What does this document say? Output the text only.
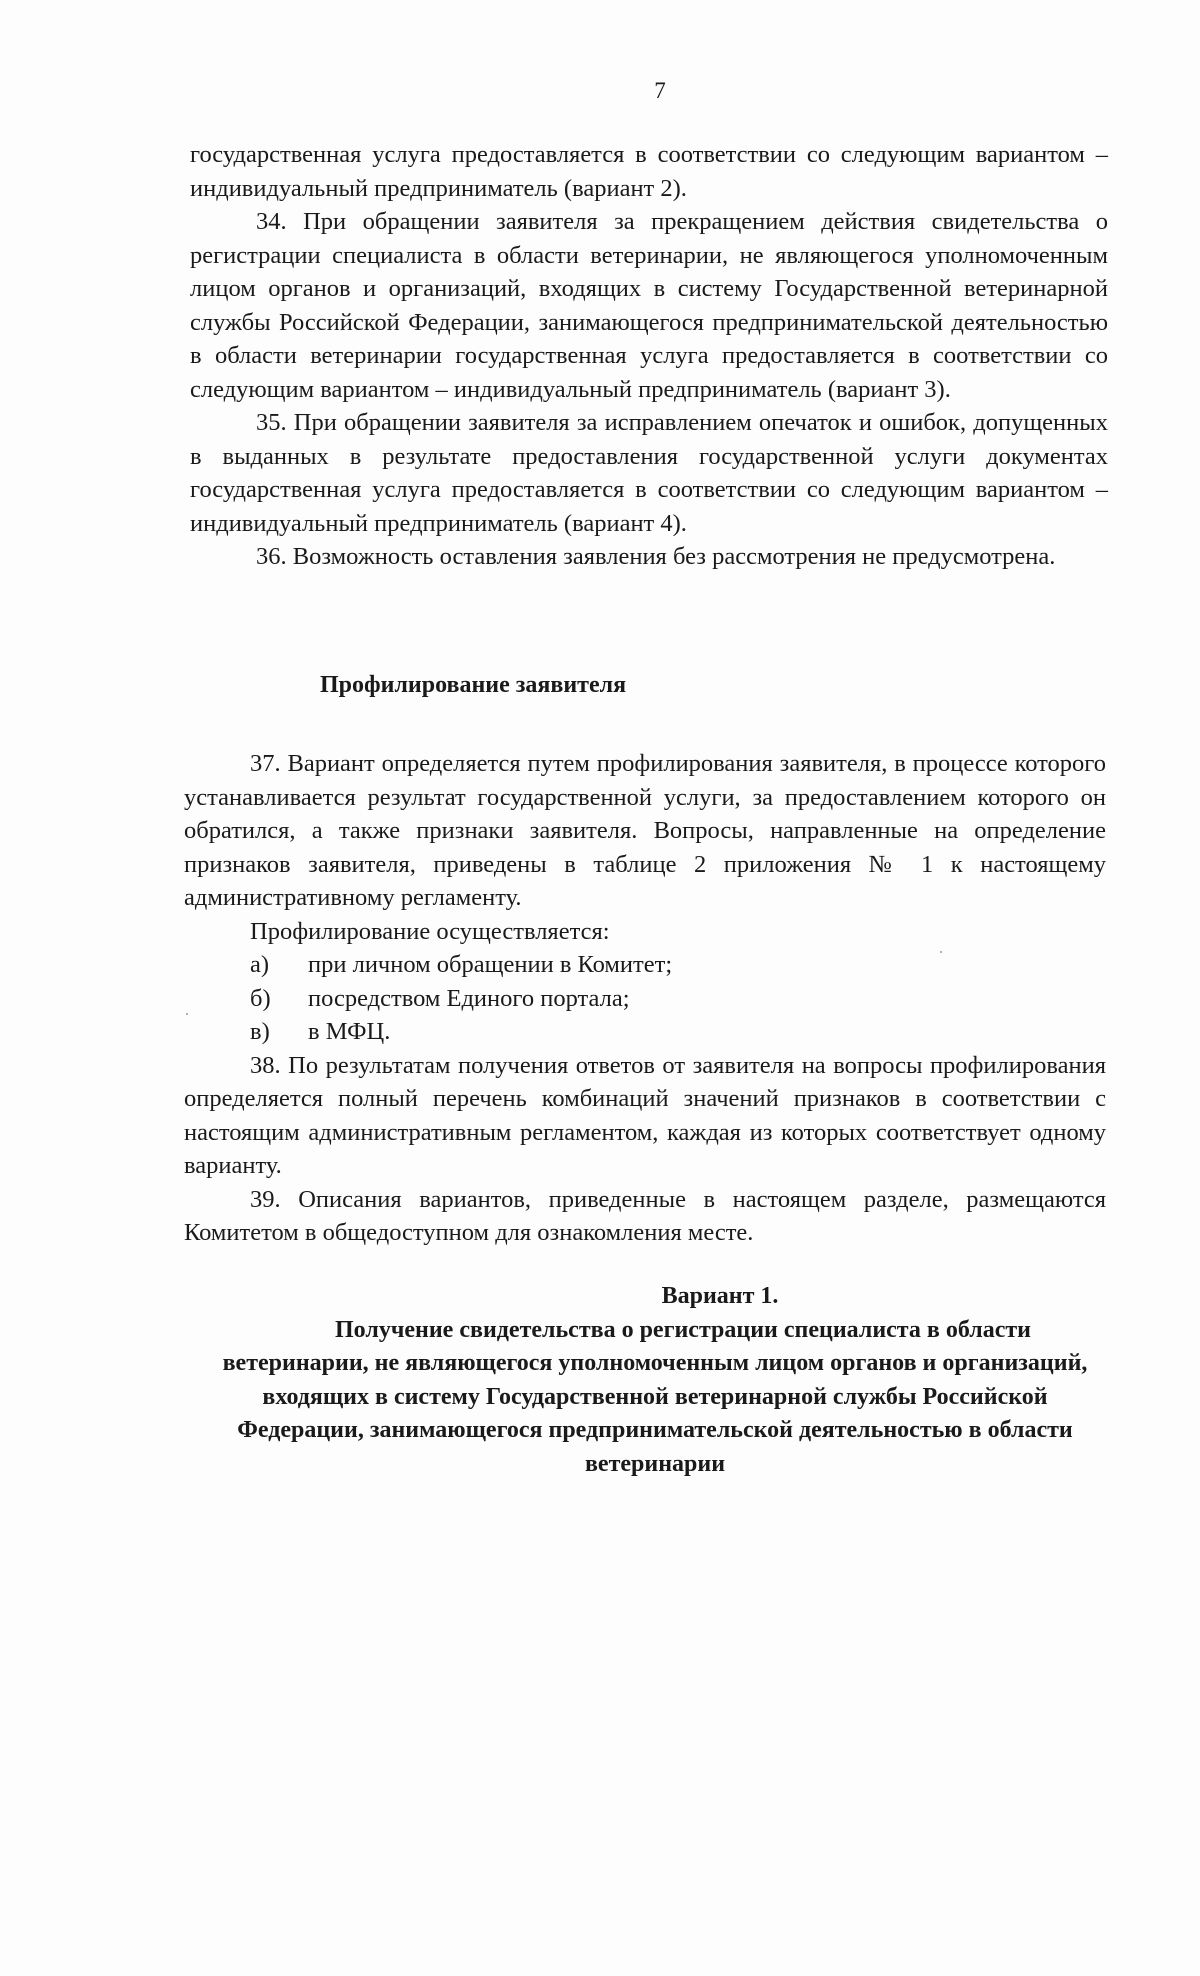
7

государственная услуга предоставляется в соответствии со следующим вариантом – индивидуальный предприниматель (вариант 2).

34. При обращении заявителя за прекращением действия свидетельства о регистрации специалиста в области ветеринарии, не являющегося уполномоченным лицом органов и организаций, входящих в систему Государственной ветеринарной службы Российской Федерации, занимающегося предпринимательской деятельностью в области ветеринарии государственная услуга предоставляется в соответствии со следующим вариантом – индивидуальный предприниматель (вариант 3).

35. При обращении заявителя за исправлением опечаток и ошибок, допущенных в выданных в результате предоставления государственной услуги документах государственная услуга предоставляется в соответствии со следующим вариантом – индивидуальный предприниматель (вариант 4).

36. Возможность оставления заявления без рассмотрения не предусмотрена.

Профилирование заявителя

37. Вариант определяется путем профилирования заявителя, в процессе которого устанавливается результат государственной услуги, за предоставлением которого он обратился, а также признаки заявителя. Вопросы, направленные на определение признаков заявителя, приведены в таблице 2 приложения № 1 к настоящему административному регламенту.

Профилирование осуществляется:

а)	при личном обращении в Комитет;

б)	посредством Единого портала;

в)	в МФЦ.

38. По результатам получения ответов от заявителя на вопросы профилирования определяется полный перечень комбинаций значений признаков в соответствии с настоящим административным регламентом, каждая из которых соответствует одному варианту.

39. Описания вариантов, приведенные в настоящем разделе, размещаются Комитетом в общедоступном для ознакомления месте.

Вариант 1.

Получение свидетельства о регистрации специалиста в области ветеринарии, не являющегося уполномоченным лицом органов и организаций, входящих в систему Государственной ветеринарной службы Российской Федерации, занимающегося предпринимательской деятельностью в области ветеринарии
